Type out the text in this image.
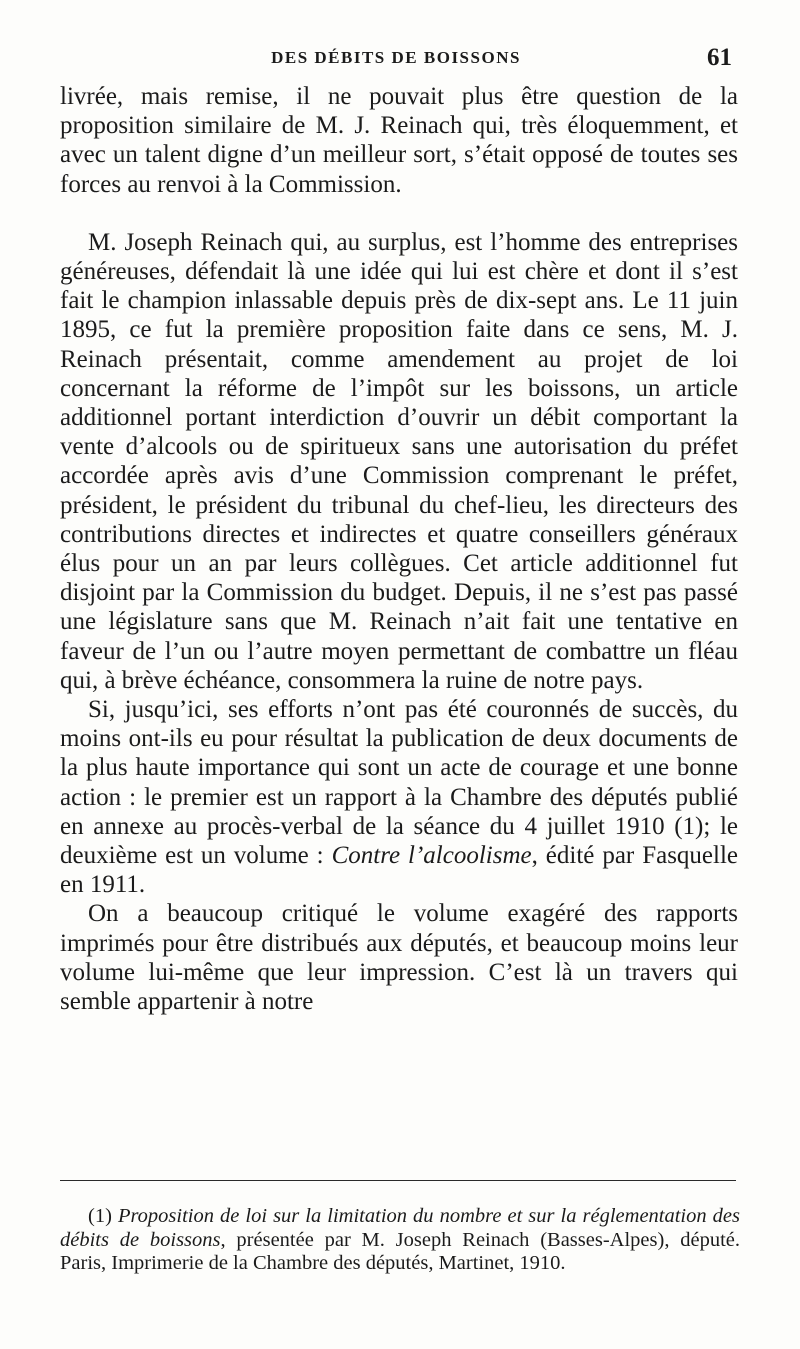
DES DÉBITS DE BOISSONS	61

livrée, mais remise, il ne pouvait plus être question de la proposition similaire de M. J. Reinach qui, très éloquemment, et avec un talent digne d’un meilleur sort, s’était opposé de toutes ses forces au renvoi à la Commission.

M. Joseph Reinach qui, au surplus, est l’homme des entreprises généreuses, défendait là une idée qui lui est chère et dont il s’est fait le champion inlassable depuis près de dix-sept ans. Le 11 juin 1895, ce fut la première proposition faite dans ce sens, M. J. Reinach présentait, comme amendement au projet de loi concernant la réforme de l’impôt sur les boissons, un article additionnel portant interdiction d’ouvrir un débit comportant la vente d’alcools ou de spiritueux sans une autorisation du préfet accordée après avis d’une Commission comprenant le préfet, président, le président du tribunal du chef-lieu, les directeurs des contributions directes et indirectes et quatre conseillers généraux élus pour un an par leurs collègues. Cet article additionnel fut disjoint par la Commission du budget. Depuis, il ne s’est pas passé une législature sans que M. Reinach n’ait fait une tentative en faveur de l’un ou l’autre moyen permettant de combattre un fléau qui, à brève échéance, consommera la ruine de notre pays.

Si, jusqu’ici, ses efforts n’ont pas été couronnés de succès, du moins ont-ils eu pour résultat la publication de deux documents de la plus haute importance qui sont un acte de courage et une bonne action : le premier est un rapport à la Chambre des députés publié en annexe au procès-verbal de la séance du 4 juillet 1910 (1); le deuxième est un volume : Contre l’alcoolisme, édité par Fasquelle en 1911.

On a beaucoup critiqué le volume exagéré des rapports imprimés pour être distribués aux députés, et beaucoup moins leur volume lui-même que leur impression. C’est là un travers qui semble appartenir à notre

(1) Proposition de loi sur la limitation du nombre et sur la réglementation des débits de boissons, présentée par M. Joseph Reinach (Basses-Alpes), député. Paris, Imprimerie de la Chambre des députés, Martinet, 1910.
